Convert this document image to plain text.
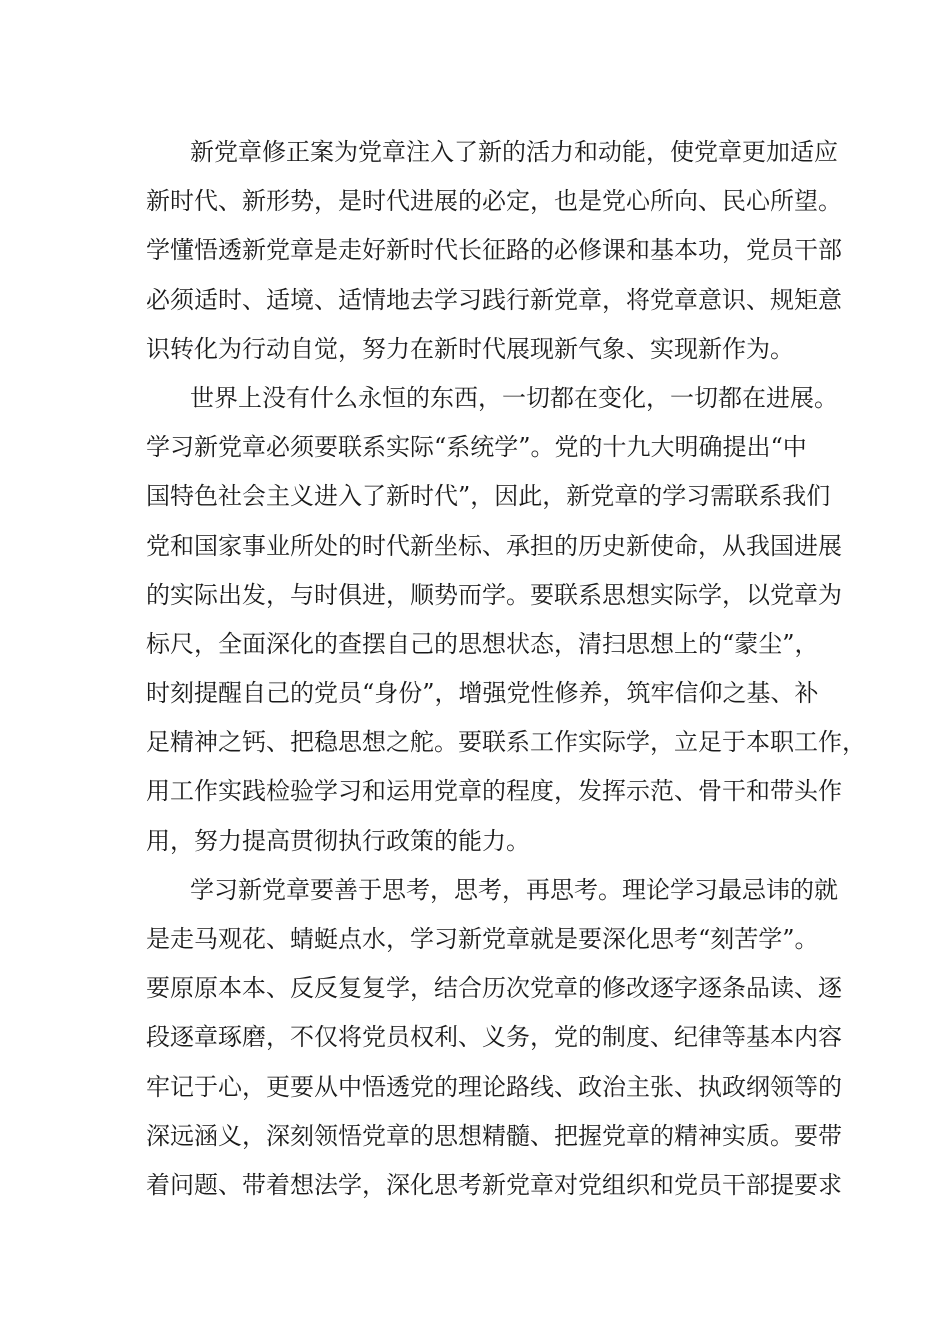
新党章修正案为党章注入了新的活力和动能，使党章更加适应
新时代、新形势，是时代进展的必定，也是党心所向、民心所望。
学懂悟透新党章是走好新时代长征路的必修课和基本功，党员干部
必须适时、适境、适情地去学习践行新党章，将党章意识、规矩意
识转化为行动自觉，努力在新时代展现新气象、实现新作为。
世界上没有什么永恒的东西，一切都在变化，一切都在进展。
学习新党章必须要联系实际“系统学”。党的十九大明确提出“中
国特色社会主义进入了新时代”，因此，新党章的学习需联系我们
党和国家事业所处的时代新坐标、承担的历史新使命，从我国进展
的实际出发，与时俱进，顺势而学。要联系思想实际学，以党章为
标尺，全面深化的查摆自己的思想状态，清扫思想上的“蒙尘”，
时刻提醒自己的党员“身份”，增强党性修养，筑牢信仰之基、补
足精神之钙、把稳思想之舵。要联系工作实际学，立足于本职工作，
用工作实践检验学习和运用党章的程度，发挥示范、骨干和带头作
用，努力提高贯彻执行政策的能力。
学习新党章要善于思考，思考，再思考。理论学习最忌讳的就
是走马观花、蜻蜓点水，学习新党章就是要深化思考“刻苦学”。
要原原本本、反反复复学，结合历次党章的修改逐字逐条品读、逐
段逐章琢磨，不仅将党员权利、义务，党的制度、纪律等基本内容
牢记于心，更要从中悟透党的理论路线、政治主张、执政纲领等的
深远涵义，深刻领悟党章的思想精髓、把握党章的精神实质。要带
着问题、带着想法学，深化思考新党章对党组织和党员干部提要求
